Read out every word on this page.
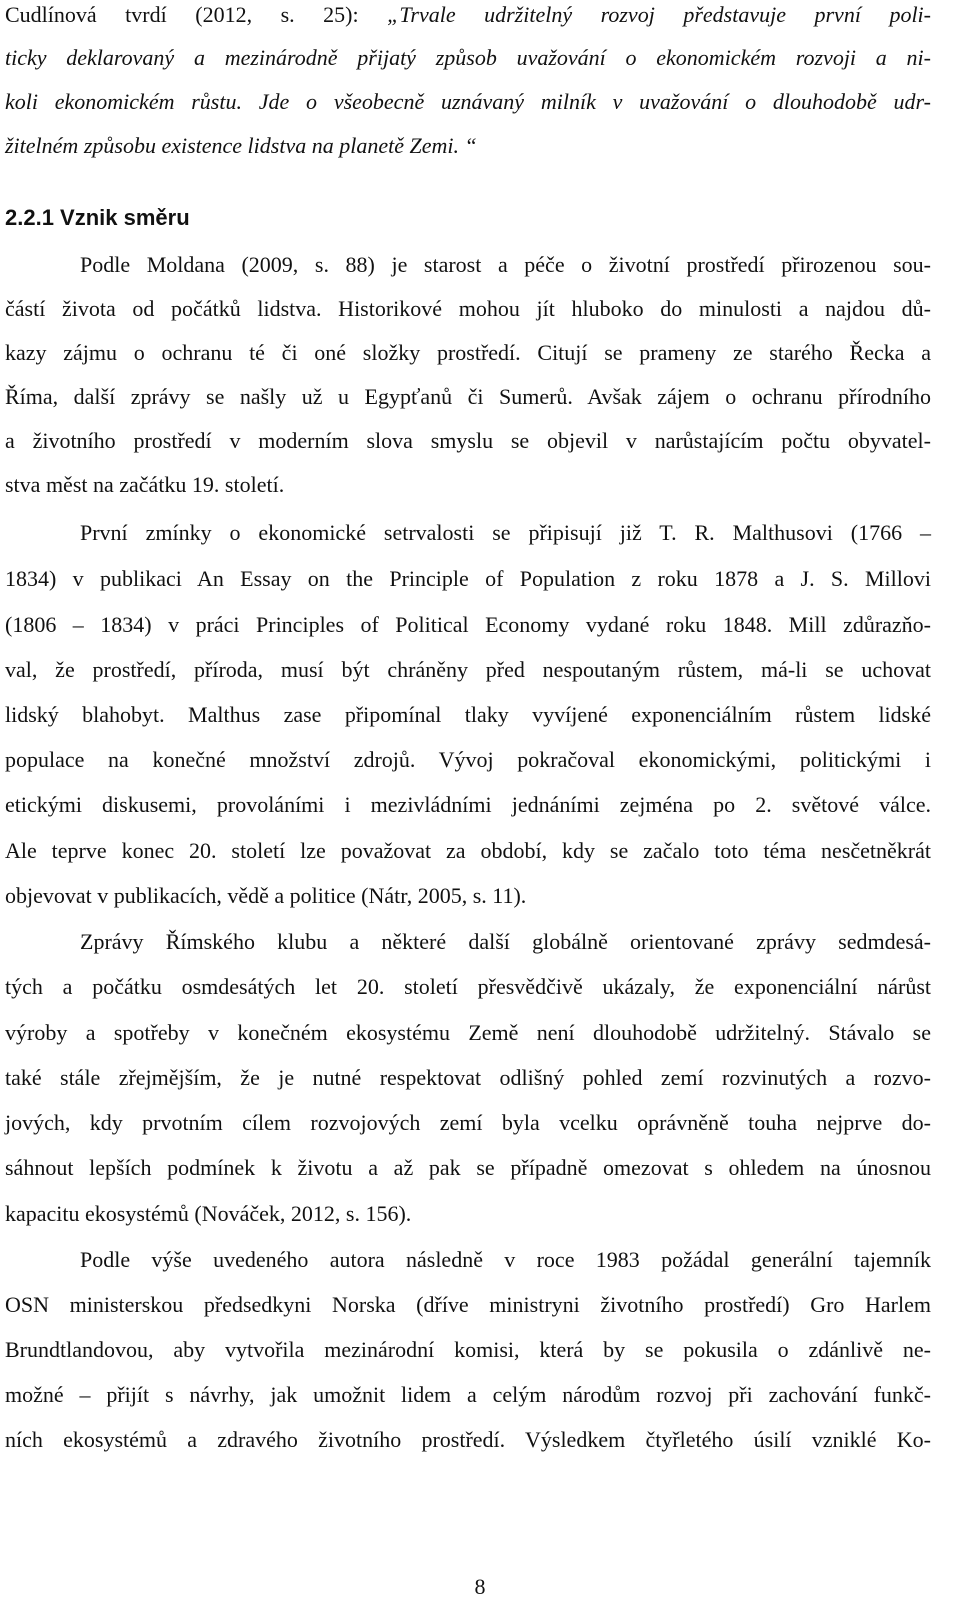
Cudlínová tvrdí (2012, s. 25): „Trvale udržitelný rozvoj představuje první poli-
ticky deklarovaný a mezinárodně přijatý způsob uvažování o ekonomickém rozvoji a ni-
koli ekonomickém růstu. Jde o všeobecně uznávaný milník v uvažování o dlouhodobě udr-
žitelném způsobu existence lidstva na planetě Zemi. “
2.2.1 Vznik směru
Podle Moldana (2009, s. 88) je starost a péče o životní prostředí přirozenou sou-
částí života od počátků lidstva. Historikové mohou jít hluboko do minulosti a najdou dů-
kazy zájmu o ochranu té či oné složky prostředí. Citují se prameny ze starého Řecka a
Říma, další zprávy se našly už u Egypťanů či Sumerů. Avšak zájem o ochranu přírodního
a životního prostředí v moderním slova smyslu se objevil v narůstajícím počtu obyvatel-
stva měst na začátku 19. století.
První zmínky o ekonomické setrvalosti se připisují již T. R. Malthusovi (1766 –
1834) v publikaci An Essay on the Principle of Population z roku 1878 a J. S. Millovi
(1806 – 1834) v práci Principles of Political Economy vydané roku 1848. Mill zdůrazňo-
val, že prostředí, příroda, musí být chráněny před nespoutaným růstem, má-li se uchovat
lidský blahobyt. Malthus zase připomínal tlaky vyvíjené exponenciálním růstem lidské
populace na konečné množství zdrojů. Vývoj pokračoval ekonomickými, politickými i
etickými diskusemi, provoláními i mezivládními jednáními zejména po 2. světové válce.
Ale teprve konec 20. století lze považovat za období, kdy se začalo toto téma nesčetněkrát
objevovat v publikacích, vědě a politice (Nátr, 2005, s. 11).
Zprávy Římského klubu a některé další globálně orientované zprávy sedmdesá-
tých a počátku osmdesátých let 20. století přesvědčivě ukázaly, že exponenciální nárůst
výroby a spotřeby v konečném ekosystému Země není dlouhodobě udržitelný. Stávalo se
také stále zřejmějším, že je nutné respektovat odlišný pohled zemí rozvinutých a rozvo-
jových, kdy prvotním cílem rozvojových zemí byla vcelku oprávněně touha nejprve do-
sáhnout lepších podmínek k životu a až pak se případně omezovat s ohledem na únosnou
kapacitu ekosystémů (Nováček, 2012, s. 156).
Podle výše uvedeného autora následně v roce 1983 požádal generální tajemník
OSN ministerskou předsedkyni Norska (dříve ministryni životního prostředí) Gro Harlem
Brundtlandovou, aby vytvořila mezinárodní komisi, která by se pokusila o zdánlivě ne-
možné – přijít s návrhy, jak umožnit lidem a celým národům rozvoj při zachování funkč-
ních ekosystémů a zdravého životního prostředí. Výsledkem čtyřletého úsilí vzniklé Ko-
8
